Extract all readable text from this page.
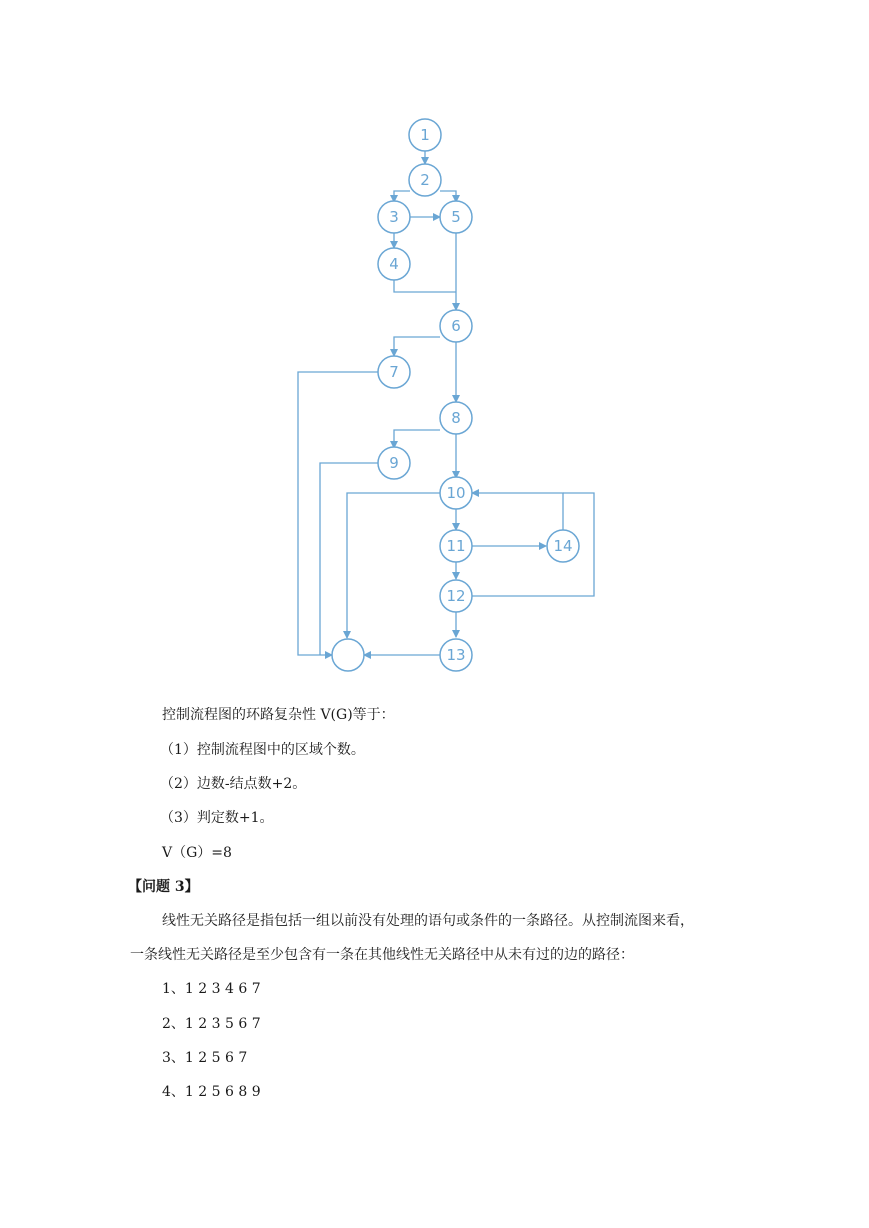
1
2
3
4
5
6
7
8
9
10
11
12
13
14

控制流程图的环路复杂性 V(G)等于：

（1）控制流程图中的区域个数。

（2）边数-结点数+2。

（3）判定数+1。

V（G）=8

【问题 3】

线性无关路径是指包括一组以前没有处理的语句或条件的一条路径。从控制流图来看，

一条线性无关路径是至少包含有一条在其他线性无关路径中从未有过的边的路径：

1、1 2 3 4 6 7

2、1 2 3 5 6 7

3、1 2 5 6 7

4、1 2 5 6 8 9
